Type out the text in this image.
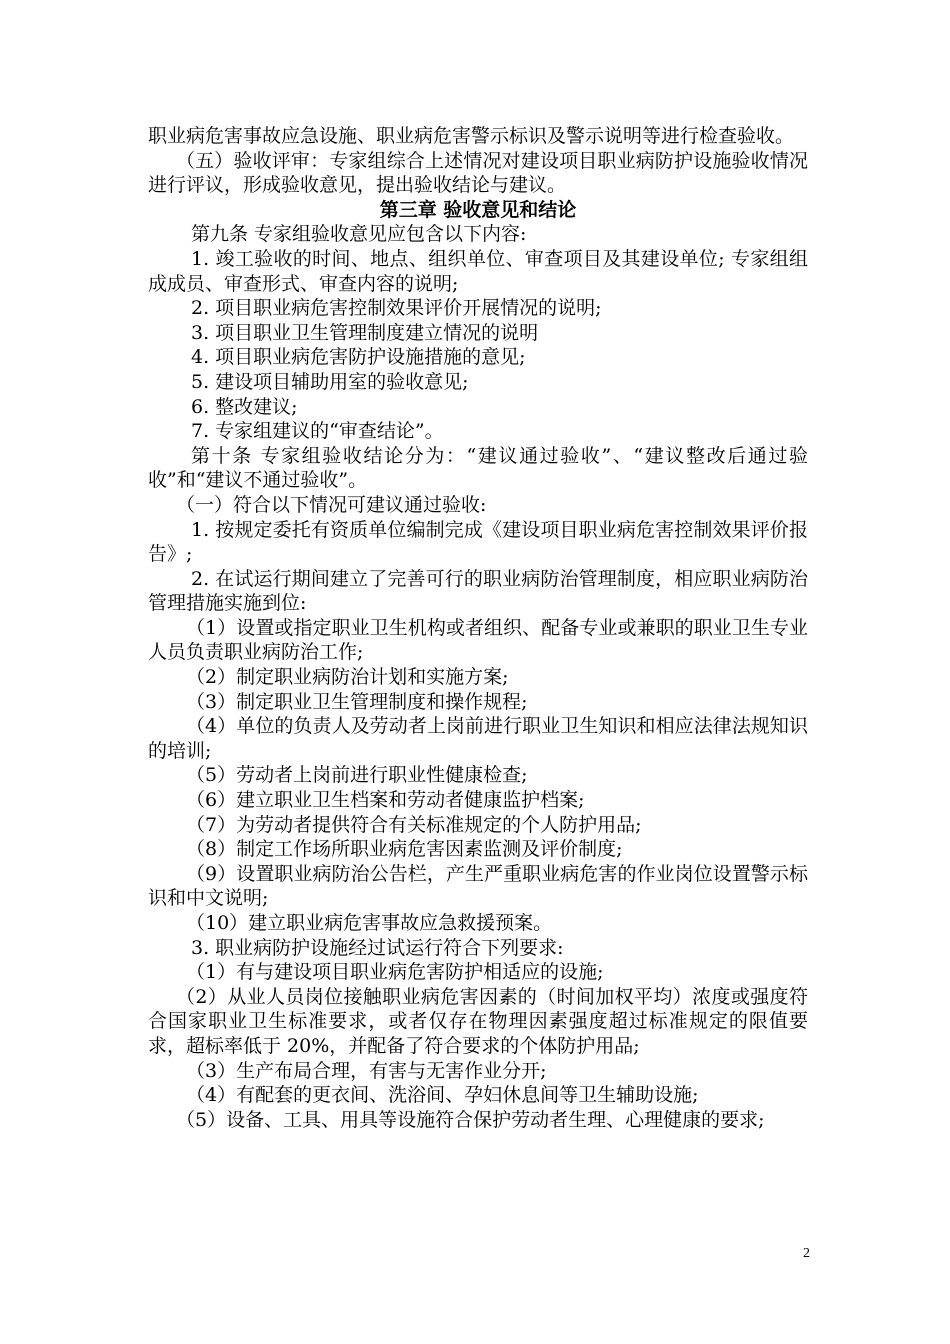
职业病危害事故应急设施、职业病危害警示标识及警示说明等进行检查验收。

（五）验收评审：专家组综合上述情况对建设项目职业病防护设施验收情况进行评议，形成验收意见，提出验收结论与建议。

第三章 验收意见和结论

第九条 专家组验收意见应包含以下内容:

1. 竣工验收的时间、地点、组织单位、审查项目及其建设单位; 专家组组成成员、审查形式、审查内容的说明;

2. 项目职业病危害控制效果评价开展情况的说明;

3. 项目职业卫生管理制度建立情况的说明

4. 项目职业病危害防护设施措施的意见;

5. 建设项目辅助用室的验收意见;

6. 整改建议;

7. 专家组建议的“审查结论”。

第十条 专家组验收结论分为：“建议通过验收”、“建议整改后通过验收”和“建议不通过验收”。

（一）符合以下情况可建议通过验收:

1. 按规定委托有资质单位编制完成《建设项目职业病危害控制效果评价报告》;

2. 在试运行期间建立了完善可行的职业病防治管理制度，相应职业病防治管理措施实施到位:

（1）设置或指定职业卫生机构或者组织、配备专业或兼职的职业卫生专业人员负责职业病防治工作;

（2）制定职业病防治计划和实施方案;

（3）制定职业卫生管理制度和操作规程;

（4）单位的负责人及劳动者上岗前进行职业卫生知识和相应法律法规知识的培训;

（5）劳动者上岗前进行职业性健康检查;

（6）建立职业卫生档案和劳动者健康监护档案;

（7）为劳动者提供符合有关标准规定的个人防护用品;

（8）制定工作场所职业病危害因素监测及评价制度;

（9）设置职业病防治公告栏，产生严重职业病危害的作业岗位设置警示标识和中文说明;

（10）建立职业病危害事故应急救援预案。

3. 职业病防护设施经过试运行符合下列要求:

（1）有与建设项目职业病危害防护相适应的设施;

（2）从业人员岗位接触职业病危害因素的（时间加权平均）浓度或强度符合国家职业卫生标准要求，或者仅存在物理因素强度超过标准规定的限值要求，超标率低于 20%，并配备了符合要求的个体防护用品;

（3）生产布局合理，有害与无害作业分开;

（4）有配套的更衣间、洗浴间、孕妇休息间等卫生辅助设施;

（5）设备、工具、用具等设施符合保护劳动者生理、心理健康的要求;

2
